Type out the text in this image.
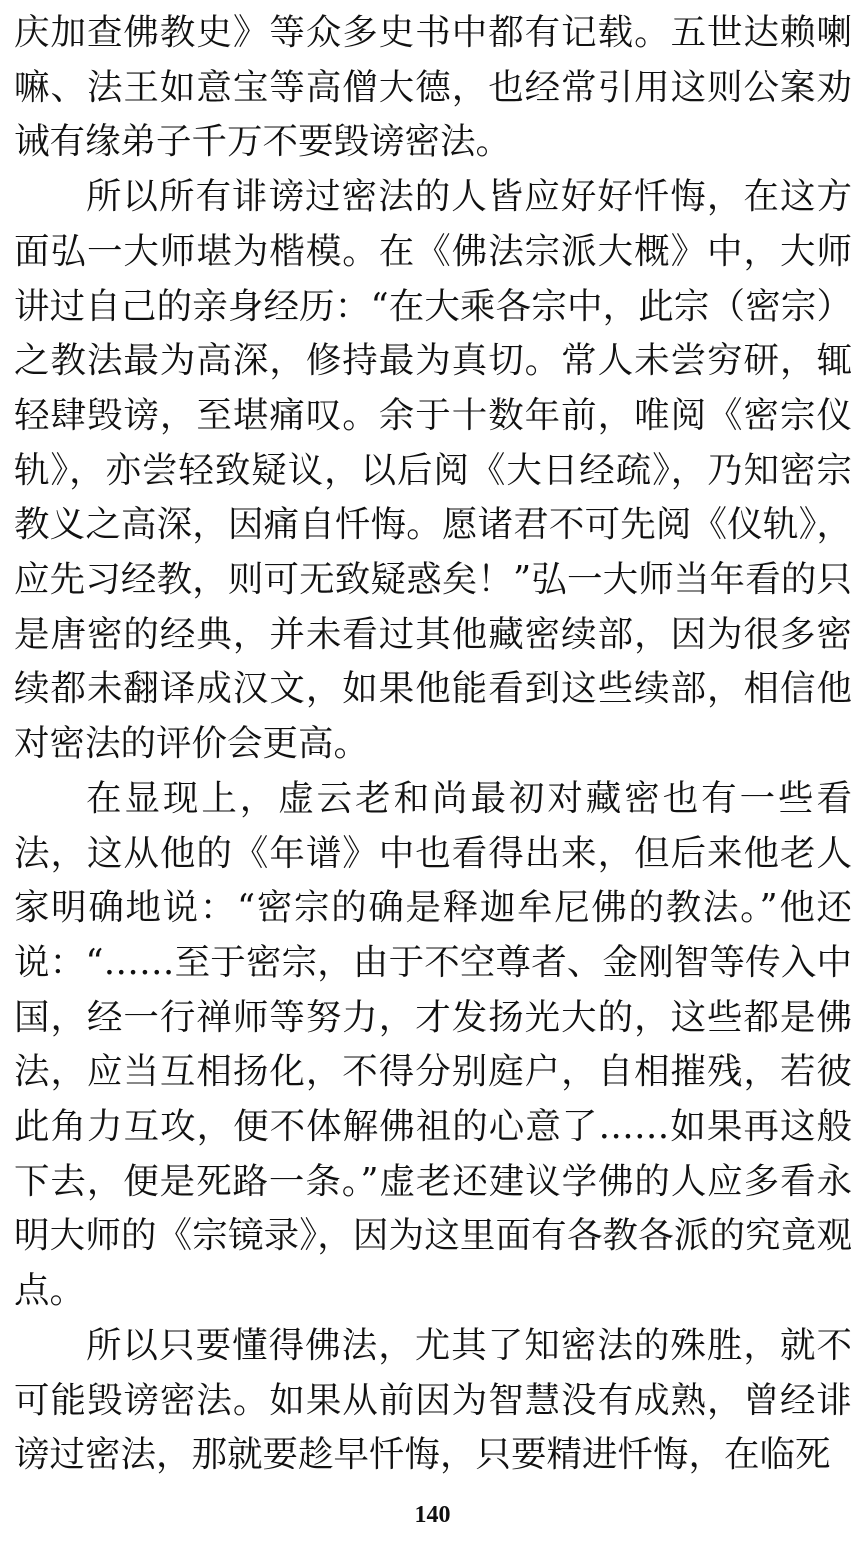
庆加查佛教史》等众多史书中都有记载。五世达赖喇嘛、法王如意宝等高僧大德，也经常引用这则公案劝诫有缘弟子千万不要毁谤密法。

所以所有诽谤过密法的人皆应好好忏悔，在这方面弘一大师堪为楷模。在《佛法宗派大概》中，大师讲过自己的亲身经历：“在大乘各宗中，此宗（密宗）之教法最为高深，修持最为真切。常人未尝穷研，辄轻肆毁谤，至堪痛叹。余于十数年前，唯阅《密宗仪轨》，亦尝轻致疑议，以后阅《大日经疏》，乃知密宗教义之高深，因痛自忏悔。愿诸君不可先阅《仪轨》，应先习经教，则可无致疑惑矣！”弘一大师当年看的只是唐密的经典，并未看过其他藏密续部，因为很多密续都未翻译成汉文，如果他能看到这些续部，相信他对密法的评价会更高。

在显现上，虚云老和尚最初对藏密也有一些看法，这从他的《年谱》中也看得出来，但后来他老人家明确地说：“密宗的确是释迦牟尼佛的教法。”他还说：“……至于密宗，由于不空尊者、金刚智等传入中国，经一行禅师等努力，才发扬光大的，这些都是佛法，应当互相扬化，不得分别庭户，自相摧残，若彼此角力互攻，便不体解佛祖的心意了……如果再这般下去，便是死路一条。”虚老还建议学佛的人应多看永明大师的《宗镜录》，因为这里面有各教各派的究竟观点。

所以只要懂得佛法，尤其了知密法的殊胜，就不可能毁谤密法。如果从前因为智慧没有成熟，曾经诽谤过密法，那就要趁早忏悔，只要精进忏悔，在临死

140
